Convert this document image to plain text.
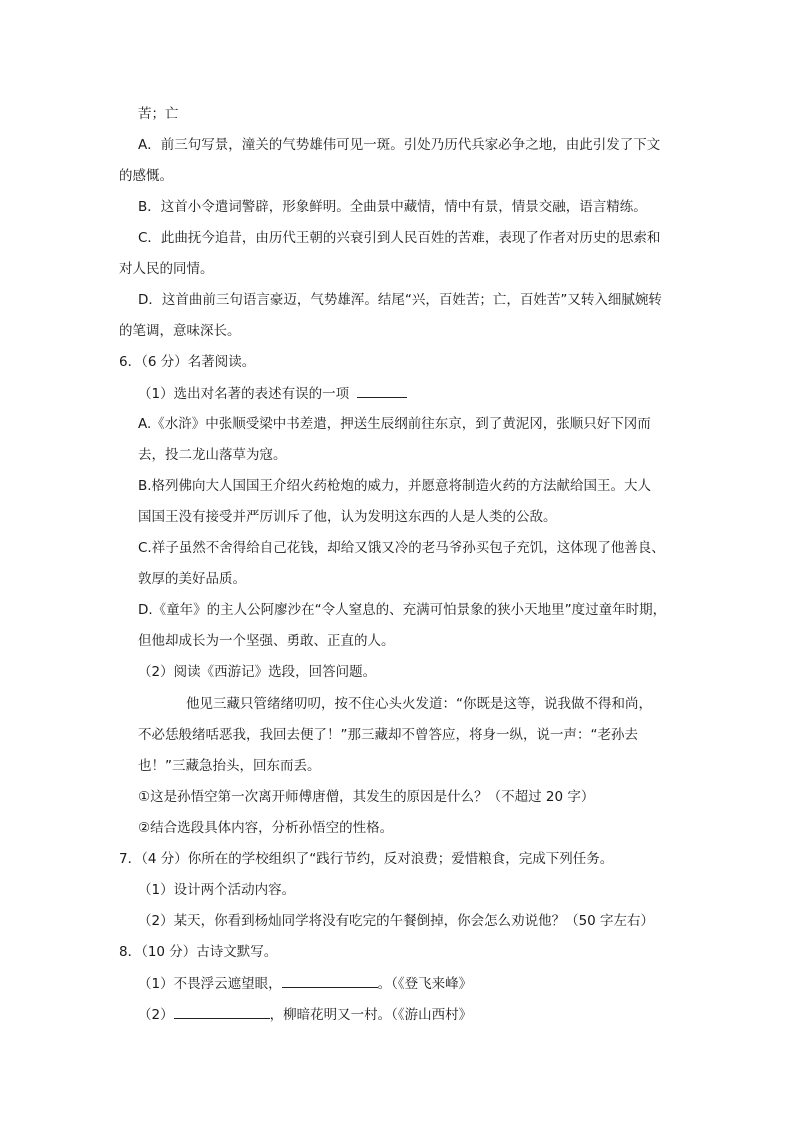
苦；亡
A．前三句写景，潼关的气势雄伟可见一斑。引处乃历代兵家必争之地，由此引发了下文
的感慨。
B．这首小令遣词警辟，形象鲜明。全曲景中藏情，情中有景，情景交融，语言精练。
C．此曲抚今追昔，由历代王朝的兴衰引到人民百姓的苦难，表现了作者对历史的思索和
对人民的同情。
D．这首曲前三句语言豪迈，气势雄浑。结尾“兴，百姓苦；亡，百姓苦”又转入细腻婉转
的笔调，意味深长。
6．（6 分）名著阅读。
（1）选出对名著的表述有误的一项
A.《水浒》中张顺受梁中书差遣，押送生辰纲前往东京，到了黄泥冈，张顺只好下冈而
去，投二龙山落草为寇。
B.格列佛向大人国国王介绍火药枪炮的威力，并愿意将制造火药的方法献给国王。大人
国国王没有接受并严厉训斥了他，认为发明这东西的人是人类的公敌。
C.祥子虽然不舍得给自己花钱，却给又饿又冷的老马爷孙买包子充饥，这体现了他善良、
敦厚的美好品质。
D.《童年》的主人公阿廖沙在“令人窒息的、充满可怕景象的狭小天地里”度过童年时期，
但他却成长为一个坚强、勇敢、正直的人。
（2）阅读《西游记》选段，回答问题。
他见三藏只管绪绪叨叨，按不住心头火发道：“你既是这等，说我做不得和尚，
不必恁般绪咶恶我，我回去便了！”那三藏却不曾答应，将身一纵，说一声：“老孙去
也！”三藏急抬头，回东而丢。
①这是孙悟空第一次离开师傅唐僧，其发生的原因是什么？（不超过 20 字）
②结合选段具体内容，分析孙悟空的性格。
7．（4 分）你所在的学校组织了“践行节约，反对浪费；爱惜粮食，完成下列任务。
（1）设计两个活动内容。
（2）某天，你看到杨灿同学将没有吃完的午餐倒掉，你会怎么劝说他？（50 字左右）
8．（10 分）古诗文默写。
（1）不畏浮云遮望眼，	。（《登飞来峰》
（2）	，柳暗花明又一村。（《游山西村》
